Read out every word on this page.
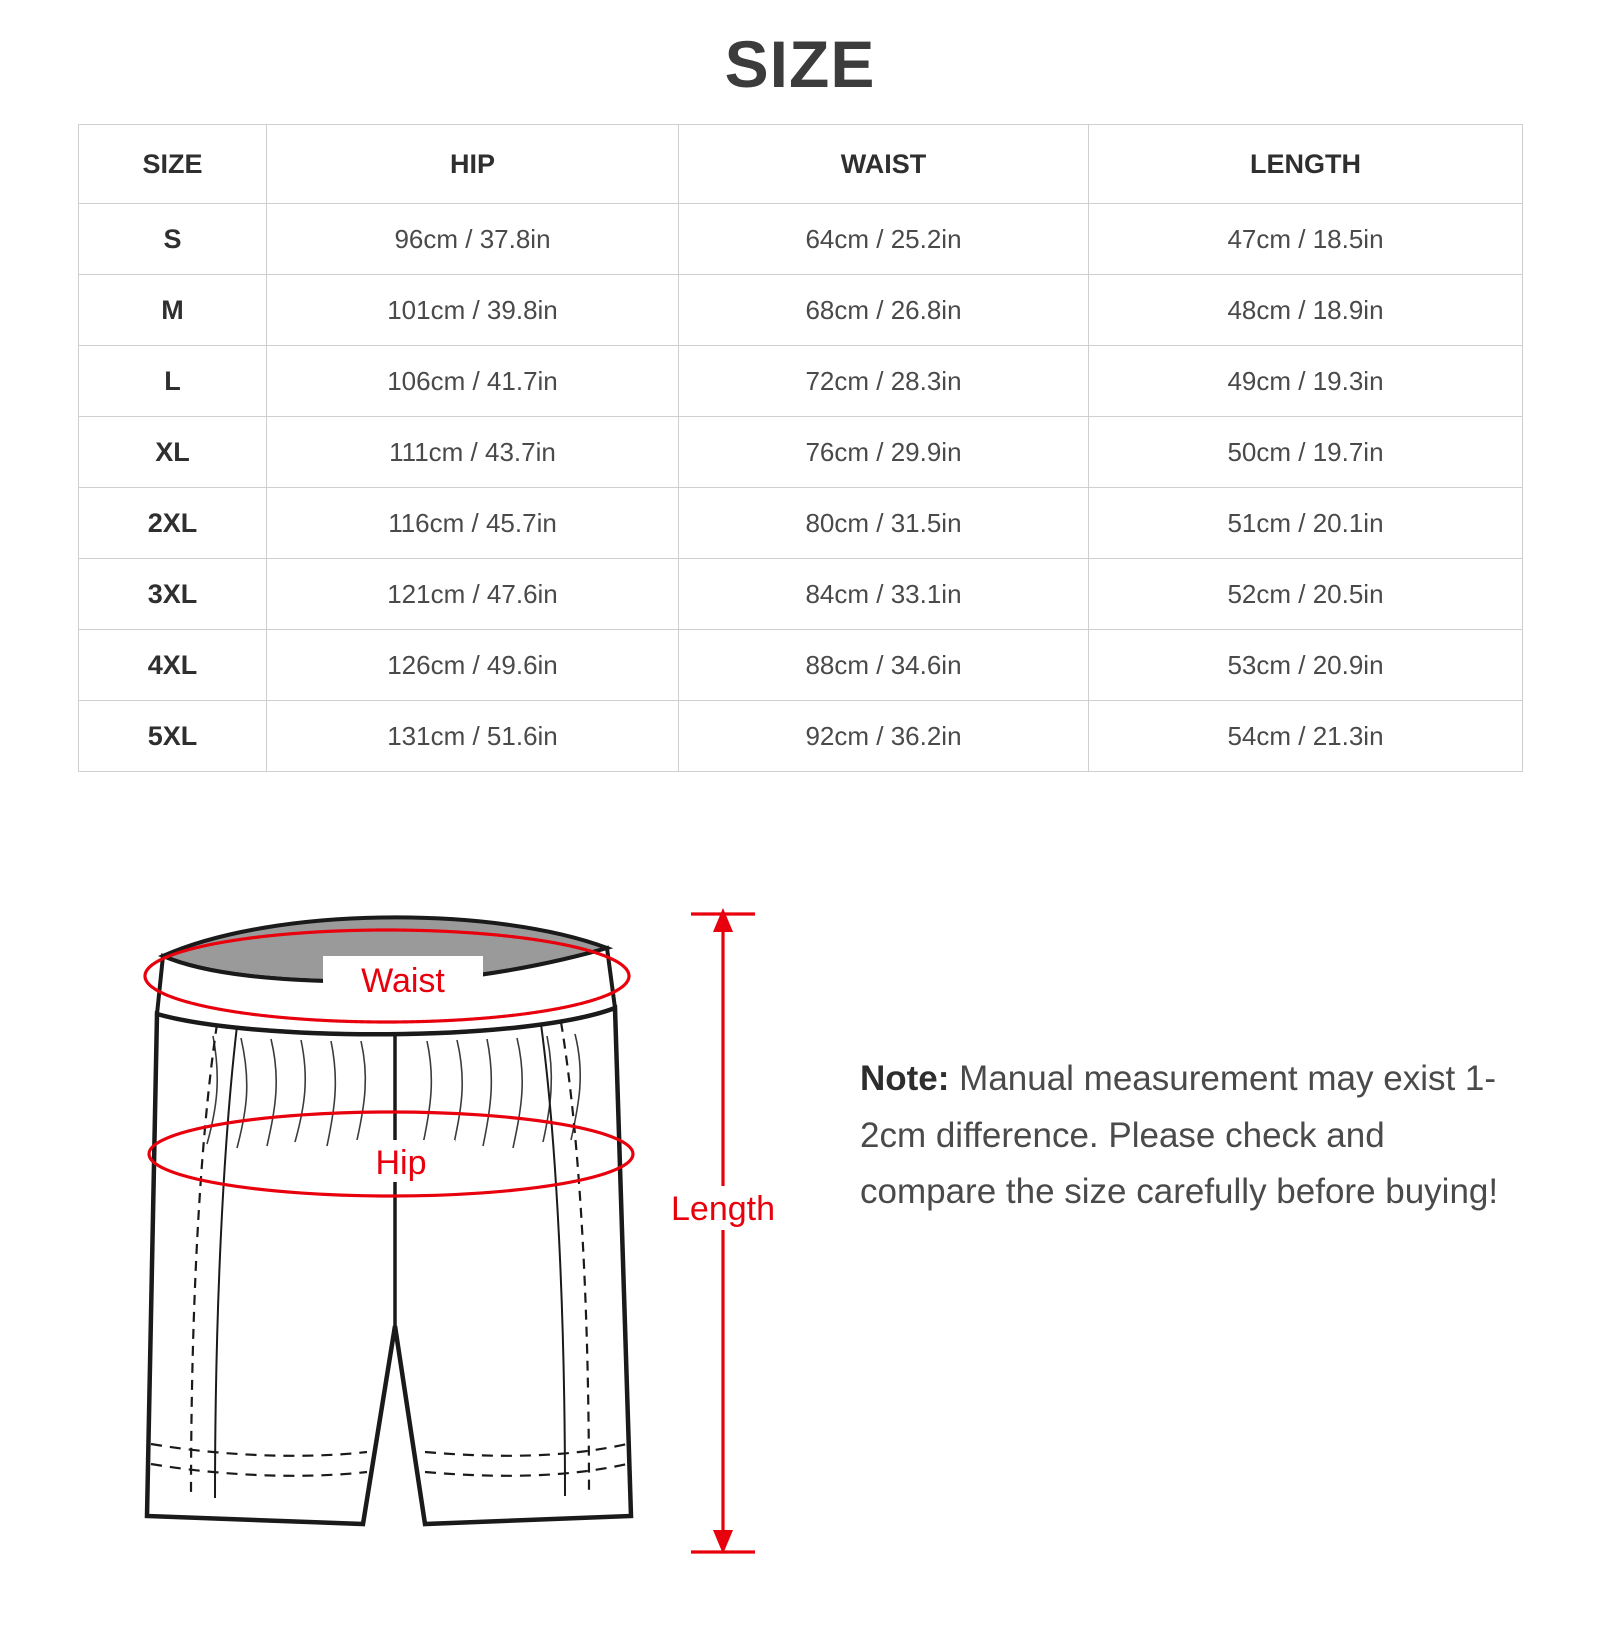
SIZE
SIZE	HIP	WAIST	LENGTH
S	96cm / 37.8in	64cm / 25.2in	47cm / 18.5in
M	101cm / 39.8in	68cm / 26.8in	48cm / 18.9in
L	106cm / 41.7in	72cm / 28.3in	49cm / 19.3in
XL	111cm / 43.7in	76cm / 29.9in	50cm / 19.7in
2XL	116cm / 45.7in	80cm / 31.5in	51cm / 20.1in
3XL	121cm / 47.6in	84cm / 33.1in	52cm / 20.5in
4XL	126cm / 49.6in	88cm / 34.6in	53cm / 20.9in
5XL	131cm / 51.6in	92cm / 36.2in	54cm / 21.3in
Waist
Hip
Length
Note: Manual measurement may exist 1-2cm difference. Please check and compare the size carefully before buying!
